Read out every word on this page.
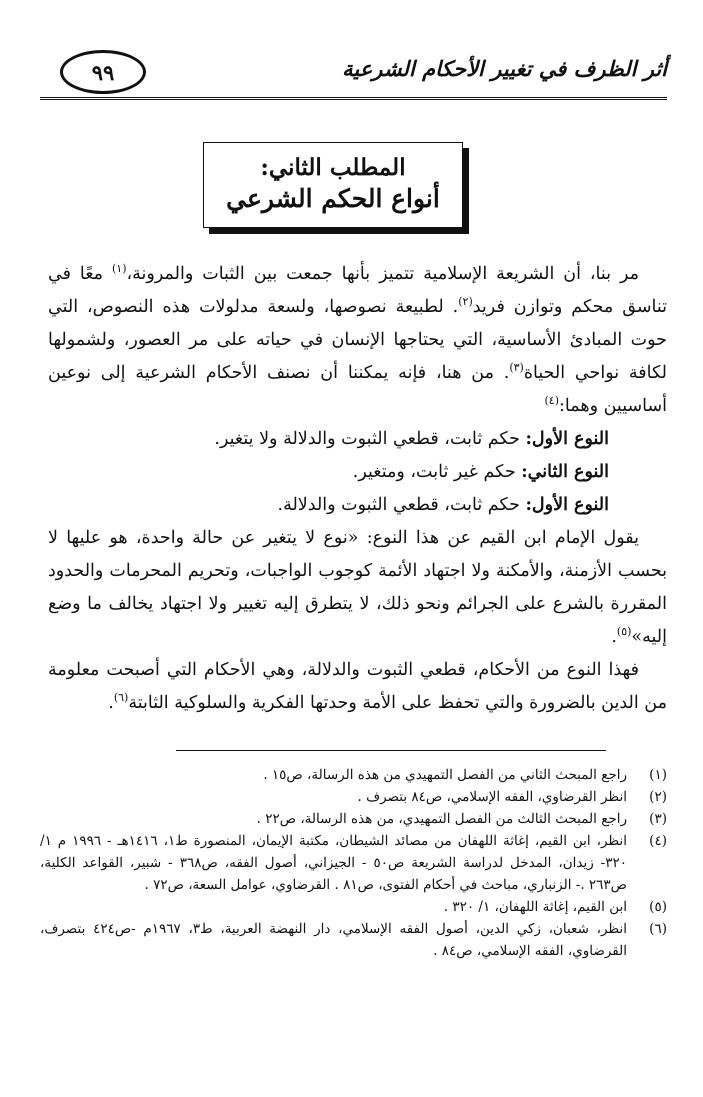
٩٩	أثر الظرف في تغيير الأحكام الشرعية
المطلب الثاني:
أنواع الحكم الشرعي

مر بنا، أن الشريعة الإسلامية تتميز بأنها جمعت بين الثبات والمرونة،$^{(١)}$ معًا في تناسق محكم وتوازن فريد$^{(٢)}$. لطبيعة نصوصها، ولسعة مدلولات هذه النصوص، التي حوت المبادئ الأساسية، التي يحتاجها الإنسان في حياته على مر العصور، ولشمولها لكافة نواحي الحياة$^{(٣)}$. من هنا، فإنه يمكننا أن نصنف الأحكام الشرعية إلى نوعين أساسيين وهما:$^{(٤)}$

النوع الأول: حكم ثابت، قطعي الثبوت والدلالة ولا يتغير.

النوع الثاني: حكم غير ثابت، ومتغير.

النوع الأول: حكم ثابت، قطعي الثبوت والدلالة.

يقول الإمام ابن القيم عن هذا النوع: «نوع لا يتغير عن حالة واحدة، هو عليها لا بحسب الأزمنة، والأمكنة ولا اجتهاد الأئمة كوجوب الواجبات، وتحريم المحرمات والحدود المقررة بالشرع على الجرائم ونحو ذلك، لا يتطرق إليه تغيير ولا اجتهاد يخالف ما وضع إليه»$^{(٥)}$.

فهذا النوع من الأحكام، قطعي الثبوت والدلالة، وهي الأحكام التي أصبحت معلومة من الدين بالضرورة والتي تحفظ على الأمة وحدتها الفكرية والسلوكية الثابتة$^{(٦)}$.

(١)
راجع المبحث الثاني من الفصل التمهيدي من هذه الرسالة، ص١٥ .
(٢)
انظر القرضاوي، الفقه الإسلامي، ص٨٤ بتصرف .
(٣)
راجع المبحث الثالث من الفصل التمهيدي، من هذه الرسالة، ص٢٢ .
(٤)
انظر، ابن القيم، إغاثة اللهفان من مصائد الشيطان، مكتبة الإيمان، المنصورة ط١، ١٤١٦هـ - ١٩٩٦ م ١/ ٣٢٠- زيدان، المدخل لدراسة الشريعة ص٥٠ - الجيزاني، أصول الفقه، ص٣٦٨ - شبير، القواعد الكلية، ص٢٦٣ .- الزنباري، مباحث في أحكام الفتوى، ص٨١ . القرضاوي، عوامل السعة، ص٧٢ .
(٥)
ابن القيم، إغاثة اللهفان، ١/ ٣٢٠ .
(٦)
انظر، شعبان، زكي الدين، أصول الفقه الإسلامي، دار النهضة العربية، ط٣، ١٩٦٧م -ص٤٢٤ بتصرف، القرضاوي، الفقه الإسلامي، ص٨٤ .
